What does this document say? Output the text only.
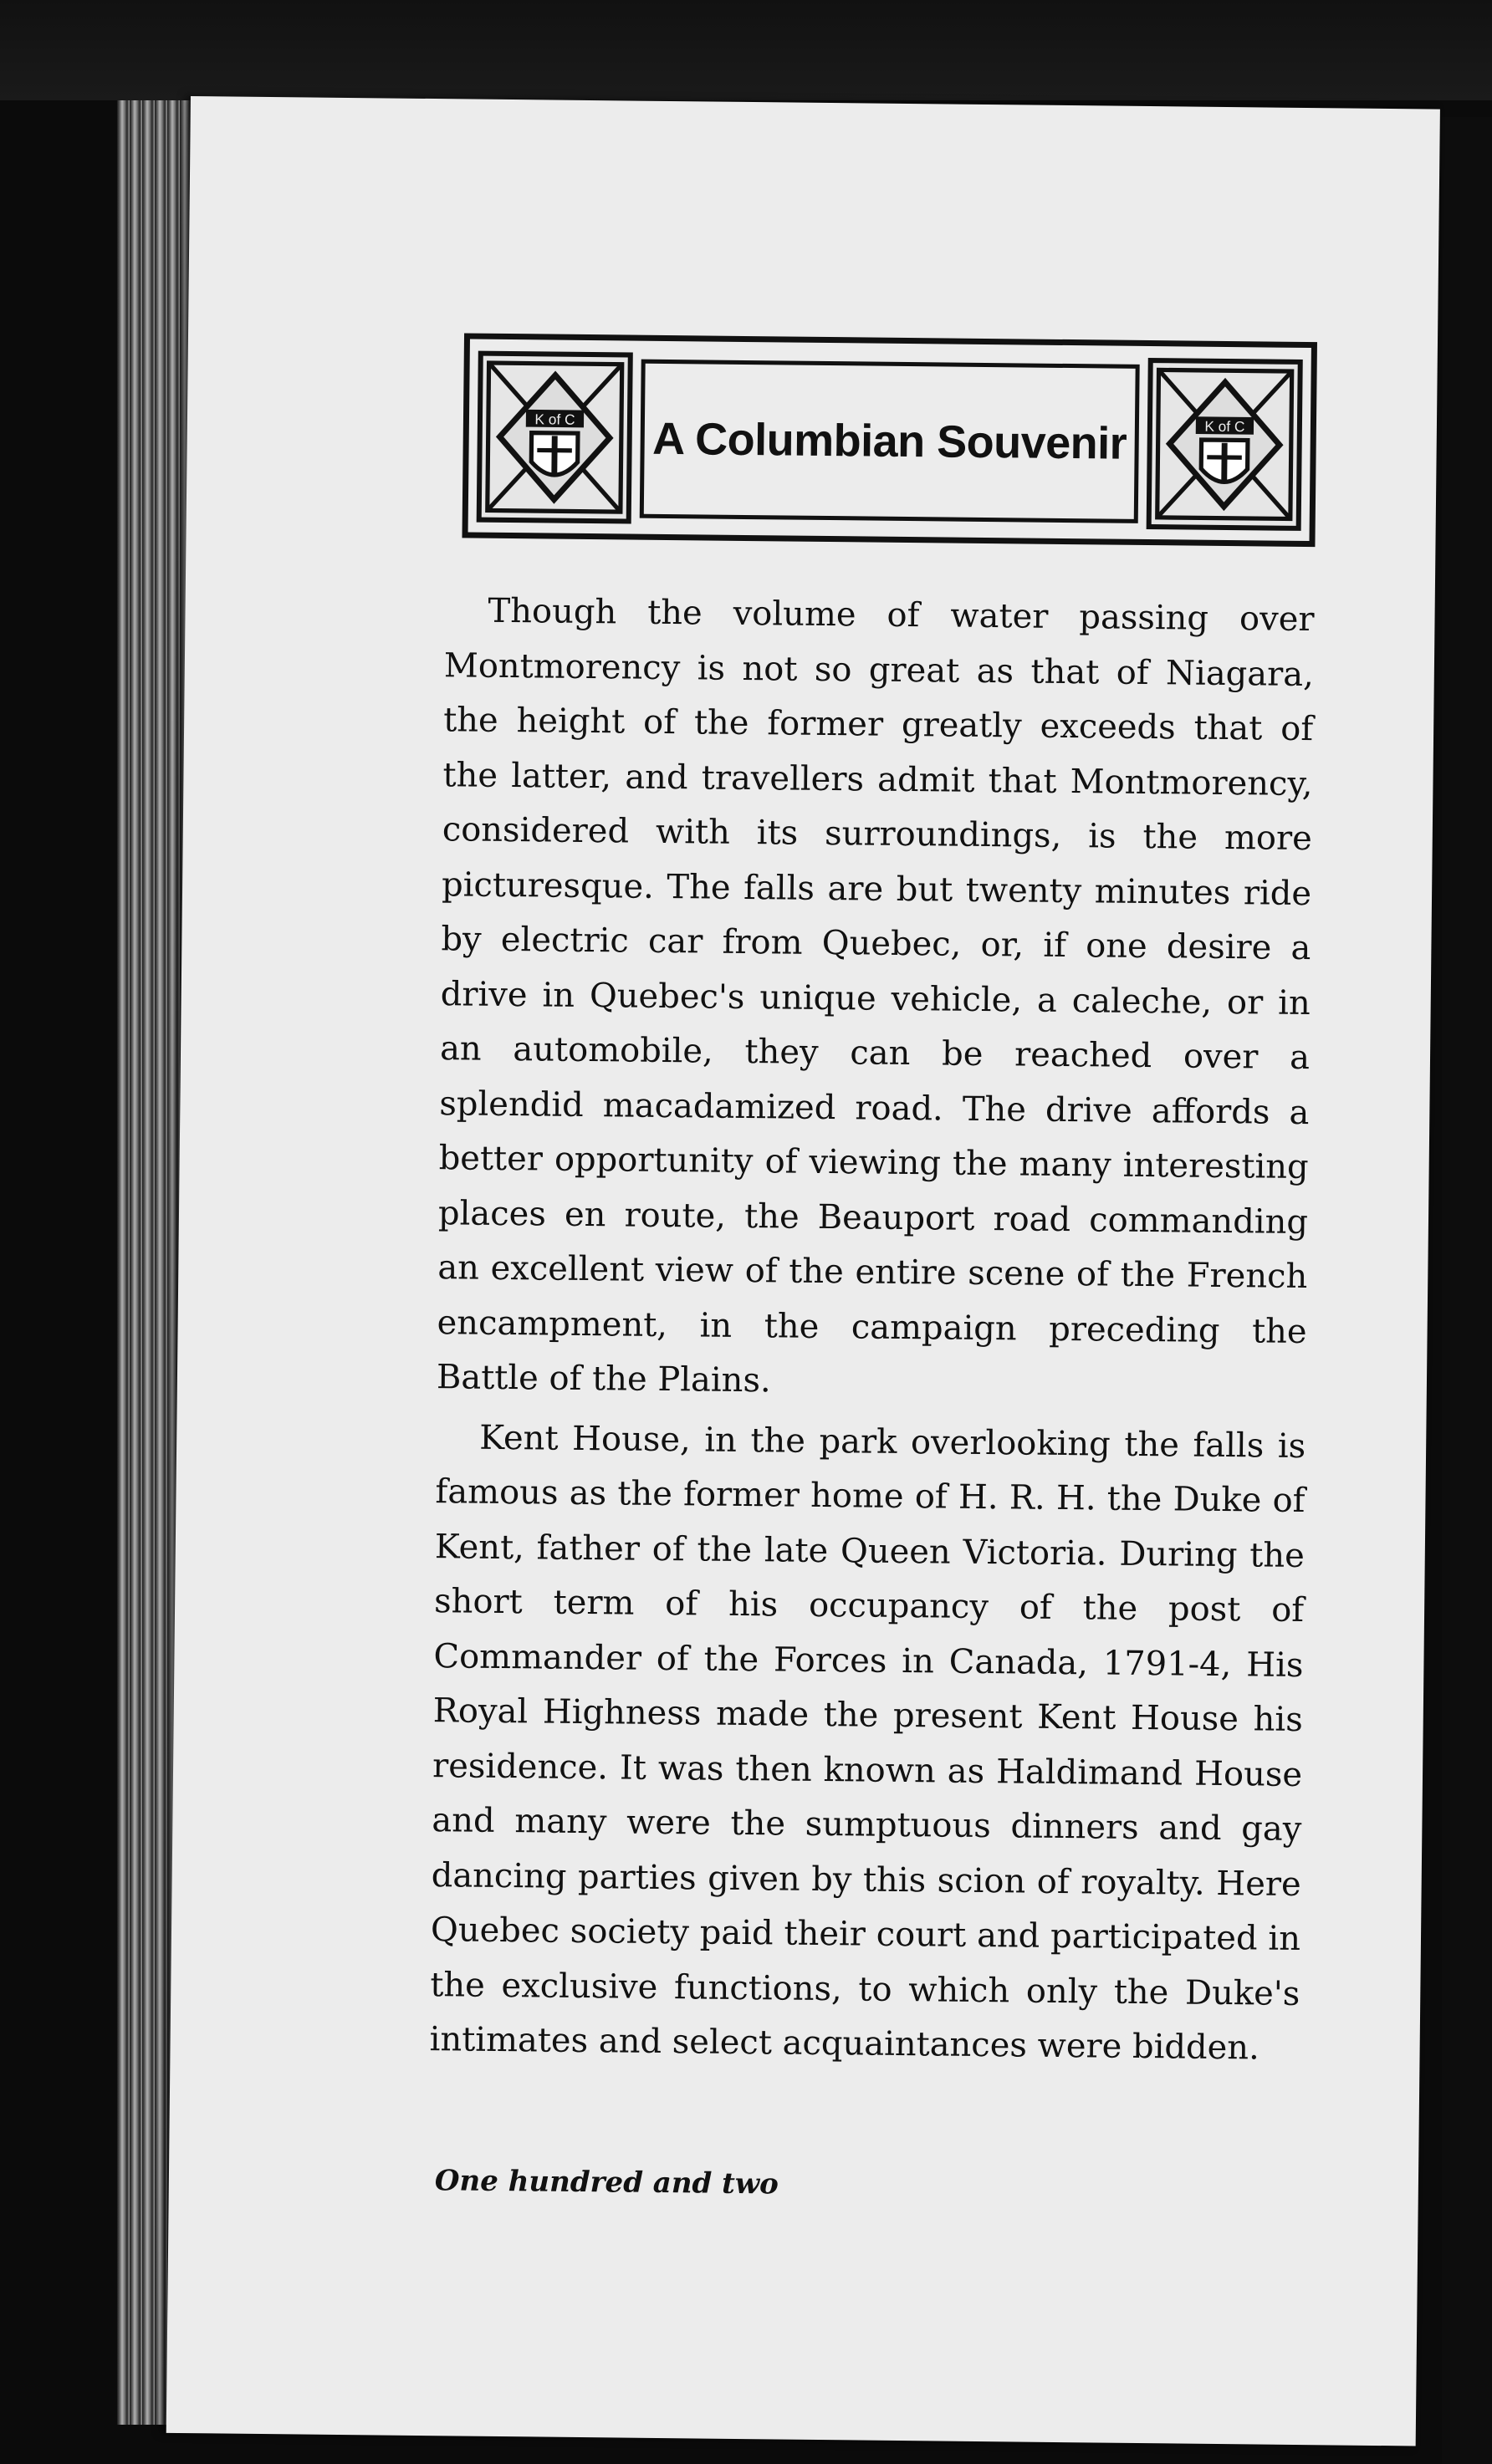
K of C A Columbian Souvenir	K of C

Though the volume of water passing over Montmorency is not so great as that of Niagara, the height of the former greatly exceeds that of the latter, and travellers admit that Montmorency, considered with its surroundings, is the more picturesque. The falls are but twenty minutes ride by electric car from Quebec, or, if one desire a drive in Quebec's unique vehicle, a caleche, or in an automobile, they can be reached over a splendid macadamized road. The drive affords a better opportunity of viewing the many interesting places en route, the Beauport road commanding an excellent view of the entire scene of the French encampment, in the campaign preceding the Battle of the Plains.

Kent House, in the park overlooking the falls is famous as the former home of H. R. H. the Duke of Kent, father of the late Queen Victoria. During the short term of his occupancy of the post of Commander of the Forces in Canada, 1791-4, His Royal Highness made the present Kent House his residence. It was then known as Haldimand House and many were the sumptuous dinners and gay dancing parties given by this scion of royalty. Here Quebec society paid their court and participated in the exclusive functions, to which only the Duke's intimates and select acquaintances were bidden.

One hundred and two
